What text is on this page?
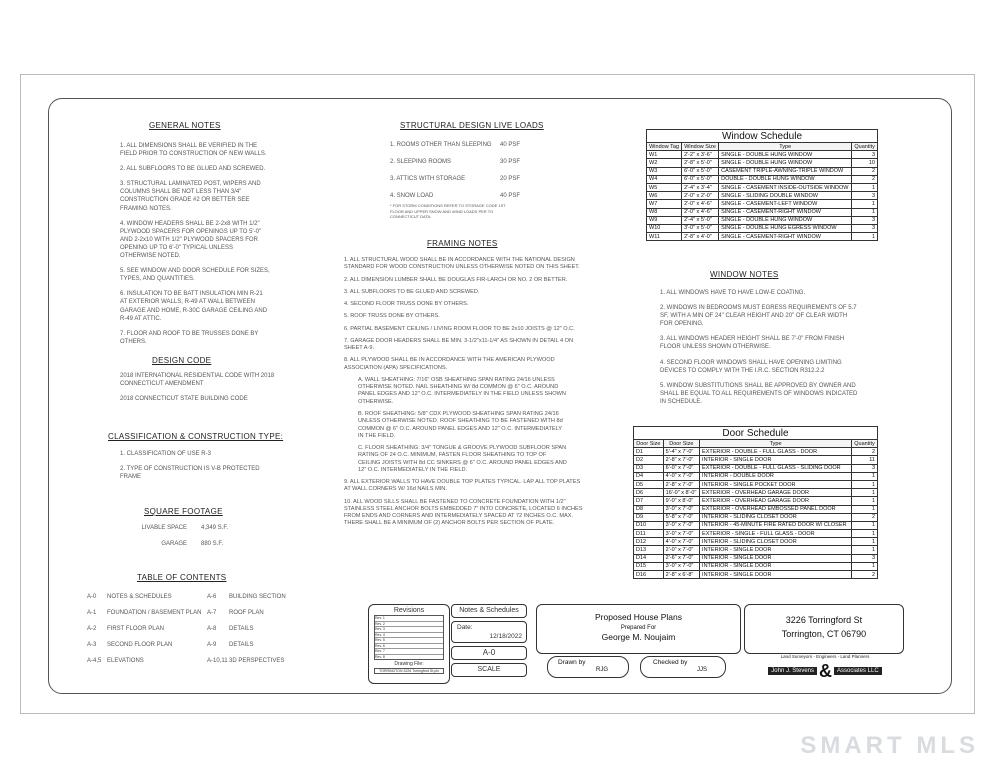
GENERAL NOTES

1. ALL DIMENSIONS SHALL BE VERIFIED IN THE FIELD PRIOR TO CONSTRUCTION OF NEW WALLS.

2. ALL SUBFLOORS TO BE GLUED AND SCREWED.

3. STRUCTURAL LAMINATED POST, WIPERS AND COLUMNS SHALL BE NOT LESS THAN 3/4" CONSTRUCTION GRADE #2 OR BETTER SEE FRAMING NOTES.

4. WINDOW HEADERS SHALL BE 2-2x8 WITH 1/2" PLYWOOD SPACERS FOR OPENINGS UP TO 5'-0" AND 2-2x10 WITH 1/2" PLYWOOD SPACERS FOR OPENING UP TO 6'-0" TYPICAL UNLESS OTHERWISE NOTED.

5. SEE WINDOW AND DOOR SCHEDULE FOR SIZES, TYPES, AND QUANTITIES.

6. INSULATION TO BE BATT INSULATION MIN R-21 AT EXTERIOR WALLS, R-49 AT WALL BETWEEN GARAGE AND HOME, R-30C GARAGE CEILING AND R-49 AT ATTIC.

7. FLOOR AND ROOF TO BE TRUSSES DONE BY OTHERS.

DESIGN CODE

2018 INTERNATIONAL RESIDENTIAL CODE WITH 2018 CONNECTICUT AMENDMENT

2018 CONNECTICUT STATE BUILDING CODE

CLASSIFICATION & CONSTRUCTION TYPE:

1. CLASSIFICATION OF USE R-3

2. TYPE OF CONSTRUCTION IS V-B PROTECTED FRAME

SQUARE FOOTAGE
LIVABLE SPACE 4,349 S.F.
GARAGE 880 S.F.
TABLE OF CONTENTS
A-0	NOTES & SCHEDULES	A-6	BUILDING SECTION
A-1	FOUNDATION / BASEMENT PLAN A-7	ROOF PLAN
A-2	FIRST FLOOR PLAN	A-8	DETAILS
A-3	SECOND FLOOR PLAN	A-9	DETAILS
A-4,5 ELEVATIONS	A-10,11 3D PERSPECTIVES
STRUCTURAL DESIGN LIVE LOADS
1. ROOMS OTHER THAN SLEEPING 40 PSF
2. SLEEPING ROOMS	30 PSF
3. ATTICS WITH STORAGE	20 PSF
4. SNOW LOAD	40 PSF
* FOR STORM CONDITIONS REFER TO STORAGE CODE 1ST FLOOR AND UPPER SNOW AND WIND LOADS PER TO CONNECTICUT DATA.
FRAMING NOTES

1. ALL STRUCTURAL WOOD SHALL BE IN ACCORDANCE WITH THE NATIONAL DESIGN STANDARD FOR WOOD CONSTRUCTION UNLESS OTHERWISE NOTED ON THIS SHEET.

2. ALL DIMENSION LUMBER SHALL BE DOUGLAS FIR-LARCH OR NO. 2 OR BETTER.

3. ALL SUBFLOORS TO BE GLUED AND SCREWED.

4. SECOND FLOOR TRUSS DONE BY OTHERS.

5. ROOF TRUSS DONE BY OTHERS.

6. PARTIAL BASEMENT CEILING / LIVING ROOM FLOOR TO BE 2x10 JOISTS @ 12" O.C.

7. GARAGE DOOR HEADERS SHALL BE MIN. 3-1/2"x11-1/4" AS SHOWN IN DETAIL 4 ON SHEET A-9.

8. ALL PLYWOOD SHALL BE IN ACCORDANCE WITH THE AMERICAN PLYWOOD ASSOCIATION (APA) SPECIFICATIONS.

A. WALL SHEATHING: 7/16" OSB SHEATHING SPAN RATING 24/16 UNLESS OTHERWISE NOTED. NAIL SHEATHING W/ 8d COMMON @ 6" O.C. AROUND PANEL EDGES AND 12" O.C. INTERMEDIATELY IN THE FIELD UNLESS SHOWN OTHERWISE.

B. ROOF SHEATHING: 5/8" CDX PLYWOOD SHEATHING SPAN RATING 24/16 UNLESS OTHERWISE NOTED. ROOF SHEATHING TO BE FASTENED WITH 8d COMMON @ 6" O.C. AROUND PANEL EDGES AND 12" O.C. INTERMEDIATELY IN THE FIELD.

C. FLOOR SHEATHING: 3/4" TONGUE & GROOVE PLYWOOD SUBFLOOR SPAN RATING OF 24 O.C. MINIMUM, FASTEN FLOOR SHEATHING TO TOP OF CEILING JOISTS WITH 8d CC SINKERS @ 6" O.C. AROUND PANEL EDGES AND 12" O.C. INTERMEDIATELY IN THE FIELD.

9. ALL EXTERIOR WALLS TO HAVE DOUBLE TOP PLATES TYPICAL. LAP ALL TOP PLATES AT WALL CORNERS W/ 16d NAILS MIN.

10. ALL WOOD SILLS SHALL BE FASTENED TO CONCRETE FOUNDATION WITH 1/2" STAINLESS STEEL ANCHOR BOLTS EMBEDDED 7" INTO CONCRETE, LOCATED 6 INCHES FROM ENDS AND CORNERS AND INTERMEDIATELY SPACED AT 72 INCHES O.C. MAX. THERE SHALL BE A MINIMUM OF (2) ANCHOR BOLTS PER SECTION OF PLATE.

Window Schedule			
Window Tag	Window Size	Type	Quantity
W1	2'-2" x 3'-6"	SINGLE - DOUBLE HUNG WINDOW	3
W2	2'-8" x 5'-0"	SINGLE - DOUBLE HUNG WINDOW	10
W3	6'-0" x 5'-0"	CASEMENT TRIPLE-AWNING-TRIPLE WINDOW	2
W4	6'-0" x 5'-0"	DOUBLE - DOUBLE HUNG WINDOW	2
W5	2'-4" x 3'-4"	SINGLE - CASEMENT INSIDE-OUTSIDE WINDOW	1
W6	2'-0" x 2'-0"	SINGLE - SLIDING DOUBLE WINDOW	3
W7	2'-0" x 4'-6"	SINGLE - CASEMENT-LEFT WINDOW	1
W8	2'-0" x 4'-6"	SINGLE - CASEMENT-RIGHT WINDOW	1
W9	2'-4" x 5'-0"	SINGLE - DOUBLE HUNG WINDOW	3
W10	3'-0" x 5'-0"	SINGLE - DOUBLE HUNG EGRESS WINDOW	3
W11	2'-8" x 4'-0"	SINGLE - CASEMENT-RIGHT WINDOW	1
WINDOW NOTES

1. ALL WINDOWS HAVE TO HAVE LOW-E COATING.

2. WINDOWS IN BEDROOMS MUST EGRESS REQUIREMENTS OF 5.7 SF, WITH A MIN OF 24" CLEAR HEIGHT AND 20" OF CLEAR WIDTH FOR OPENING.

3. ALL WINDOWS HEADER HEIGHT SHALL BE 7'-0" FROM FINISH FLOOR UNLESS SHOWN OTHERWISE.

4. SECOND FLOOR WINDOWS SHALL HAVE OPENING LIMITING DEVICES TO COMPLY WITH THE I.R.C. SECTION R312.2.2

5. WINDOW SUBSTITUTIONS SHALL BE APPROVED BY OWNER AND SHALL BE EQUAL TO ALL REQUIREMENTS OF WINDOWS INDICATED IN SCHEDULE.

Door Schedule			
Door Size	Door Size	Type	Quantity
D1	5'-4" x 7'-0"	EXTERIOR - DOUBLE - FULL GLASS - DOOR	2
D2	2'-8" x 7'-0"	INTERIOR - SINGLE DOOR	11
D3	6'-0" x 7'-0"	EXTERIOR - DOUBLE - FULL GLASS - SLIDING DOOR	3
D4	4'-0" x 7'-0"	INTERIOR - DOUBLE DOOR	1
D5	2'-8" x 7'-0"	INTERIOR - SINGLE POCKET DOOR	1
D6	16'-0" x 8'-0"	EXTERIOR - OVERHEAD GARAGE DOOR	1
D7	9'-0" x 8'-0"	EXTERIOR - OVERHEAD GARAGE DOOR	1
D8	3'-0" x 7'-0"	EXTERIOR - OVERHEAD EMBOSSED PANEL DOOR	1
D9	5'-8" x 7'-0"	INTERIOR - SLIDING CLOSET DOOR	2
D10	3'-0" x 7'-0"	INTERIOR - 45-MINUTE FIRE RATED DOOR W/ CLOSER	1
D11	3'-0" x 7'-0"	EXTERIOR - SINGLE - FULL GLASS - DOOR	1
D12	4'-0" x 7'-0"	INTERIOR - SLIDING CLOSET DOOR	1
D13	2'-0" x 7'-0"	INTERIOR - SINGLE DOOR	1
D14	2'-6" x 7'-0"	INTERIOR - SINGLE DOOR	3
D15	3'-0" x 7'-0"	INTERIOR - SINGLE DOOR	1
D16	2'-8" x 6'-8"	INTERIOR - SINGLE DOOR	2
Revisions
Rev. 1
Rev. 2
Rev. 3
Rev. 4
Rev. 5
Rev. 6
Rev. 7
Rev. 8
Drawing File:
TORRINGTON 3226 Torringford St.pln
Notes & Schedules
Date:
12/18/2022
A-0
SCALE
Proposed House Plans
Prepared For
George M. Noujaim
Drawn by
RJG
Checked by
JJS
3226 Torringford St
Torrington, CT 06790
Land Surveyors - Engineers - Land Planners
John J. Stevens & Associates LLC
SMART MLS
